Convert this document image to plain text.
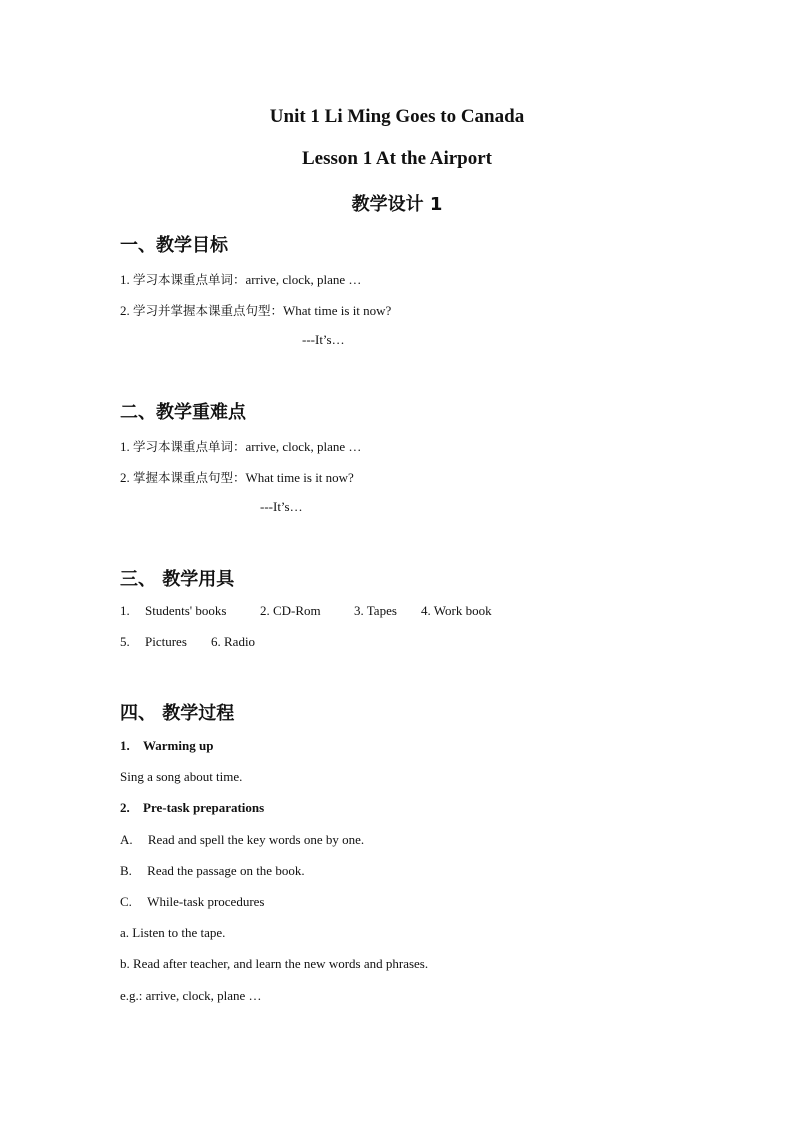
Unit 1 Li Ming Goes to Canada
Lesson 1 At the Airport
教学设计 1
一、教学目标
1. 学习本课重点单词：arrive, clock, plane …
2. 学习并掌握本课重点句型：What time is it now?
---It’s…
二、教学重难点
1. 学习本课重点单词：arrive, clock, plane …
2. 掌握本课重点句型：What time is it now?
---It’s…
三、 教学用具
1. Students' books	2. CD-Rom	3. Tapes 4. Work book
5. Pictures 6. Radio
四、 教学过程
1. Warming up
Sing a song about time.
2. Pre-task preparations
A. Read and spell the key words one by one.
B. Read the passage on the book.
C. While-task procedures
a. Listen to the tape.
b. Read after teacher, and learn the new words and phrases.
e.g.: arrive, clock, plane …
